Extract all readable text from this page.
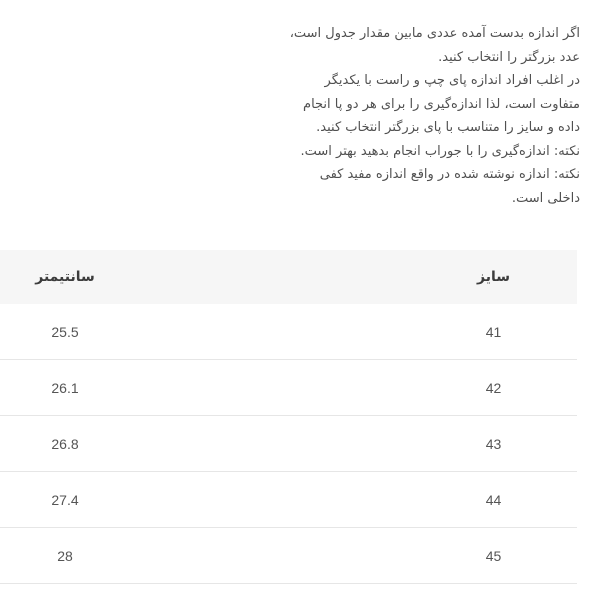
اگر اندازه بدست آمده عددی مابین مقدار جدول است،
عدد بزرگتر را انتخاب کنید.
در اغلب افراد اندازه پای چپ و راست با یکدیگر
متفاوت است، لذا اندازه‌گیری را برای هر دو پا انجام
داده و سایز را متناسب با پای بزرگتر انتخاب کنید.
نکته: اندازه‌گیری را با جوراب انجام بدهید بهتر است.
نکته: اندازه نوشته شده در واقع اندازه مفید کفی
داخلی است.
سانتیمتر	سایز
25.5	41
26.1	42
26.8	43
27.4	44
28	45
